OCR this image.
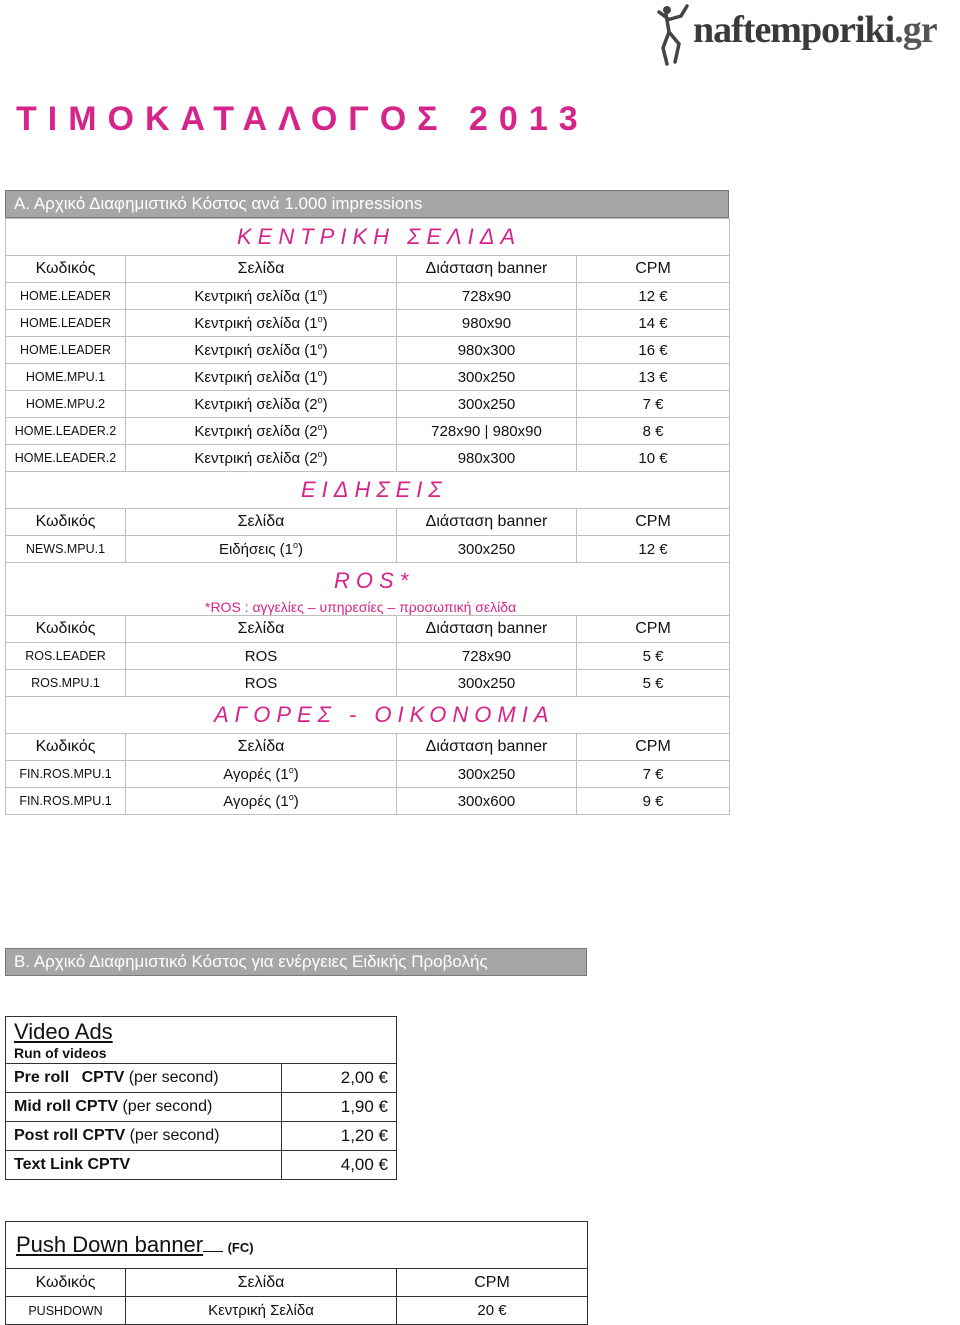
naftemporiki.gr
ΤΙΜΟΚΑΤΑΛΟΓΟΣ 2013
Α. Αρχικό Διαφημιστικό Κόστος ανά 1.000 impressions
ΚΕΝΤΡΙΚΗ ΣΕΛΙΔΑ			
Κωδικός	Σελίδα	Διάσταση banner	CPM
HOME.LEADER	Κεντρική σελίδα $(1^o)$	728x90	12 €
HOME.LEADER	Κεντρική σελίδα $(1^o)$	980x90	14 €
HOME.LEADER	Κεντρική σελίδα $(1^o)$	980x300	16 €
HOME.MPU.1	Κεντρική σελίδα $(1^o)$	300x250	13 €
HOME.MPU.2	Κεντρική σελίδα $(2^o)$	300x250	7 €
HOME.LEADER.2	Κεντρική σελίδα $(2^o)$	728x90 | 980x90	8 €
HOME.LEADER.2	Κεντρική σελίδα $(2^o)$	980x300	10 €
ΕΙΔΗΣΕΙΣ			
Κωδικός	Σελίδα	Διάσταση banner	CPM
NEWS.MPU.1	Ειδήσεις $(1^o)$	300x250	12 €
ROS*			
*ROS : αγγελίες – υπηρεσίες – προσωπική σελίδα			
Κωδικός	Σελίδα	Διάσταση banner	CPM
ROS.LEADER	ROS	728x90	5 €
ROS.MPU.1	ROS	300x250	5 €
ΑΓΟΡΕΣ - ΟΙΚΟΝΟΜΙΑ			
Κωδικός	Σελίδα	Διάσταση banner	CPM
FIN.ROS.MPU.1	Αγορές $(1^o)$	300x250	7 €
FIN.ROS.MPU.1	Αγορές $(1^o)$	300x600	9 €
Β. Αρχικό Διαφημιστικό Κόστος για ενέργειες Ειδικής Προβολής
Video Ads
Run of videos	

Pre roll CPTV (per second)	2,00 €
Mid roll CPTV (per second)	1,90 €
Post roll CPTV (per second)	1,20 €
Text Link CPTV	4,00 €
Push Down banner (FC)		
Κωδικός	Σελίδα	CPM
PUSHDOWN	Κεντρική Σελίδα	20 €
